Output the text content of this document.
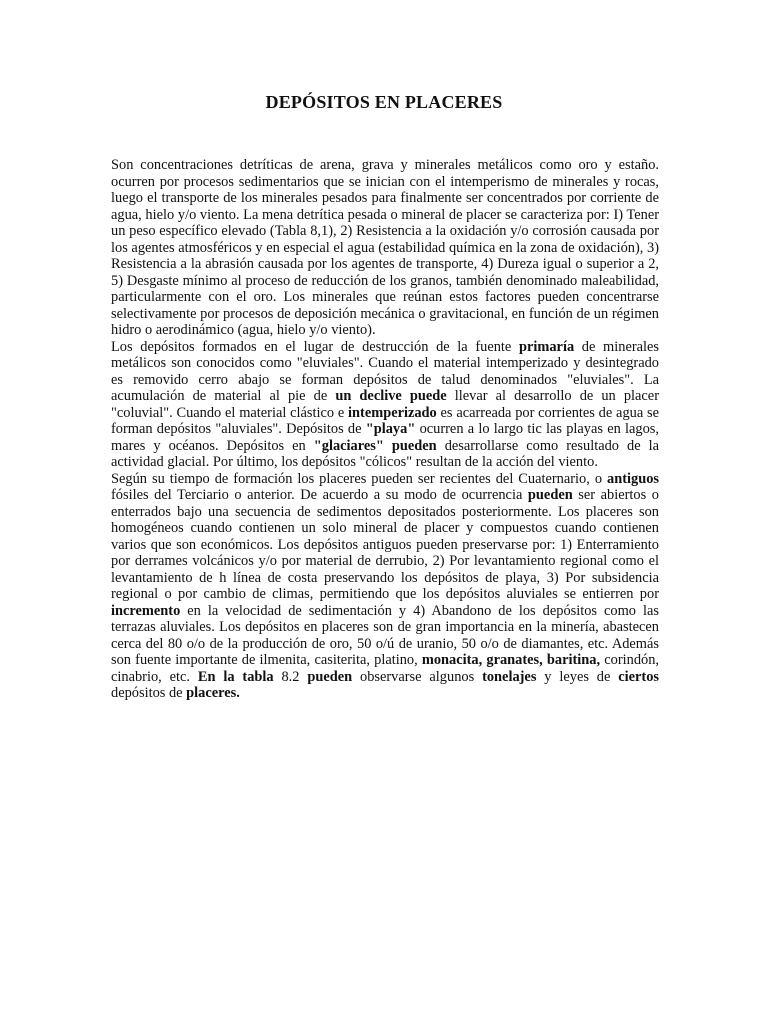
DEPÓSITOS EN PLACERES

Son concentraciones detríticas de arena, grava y minerales metálicos como oro y estaño. ocurren por procesos sedimentarios que se inician con el intemperismo de minerales y rocas, luego el transporte de los minerales pesados para finalmente ser concentrados por corriente de agua, hielo y/o viento. La mena detrítica pesada o mineral de placer se caracteriza por: I) Tener un peso específico elevado (Tabla 8,1), 2) Resistencia a la oxidación y/o corrosión causada por los agentes atmosféricos y en especial el agua (estabilidad química en la zona de oxidación), 3) Resistencia a la abrasión causada por los agentes de transporte, 4) Dureza igual o superior a 2, 5) Desgaste mínimo al proceso de reducción de los granos, también denominado maleabilidad, particularmente con el oro. Los minerales que reúnan estos factores pueden concentrarse selectivamente por procesos de deposición mecánica o gravitacional, en función de un régimen hidro o aerodinámico (agua, hielo y/o viento).

Los depósitos formados en el lugar de destrucción de la fuente primaría de minerales metálicos son conocidos como "eluviales". Cuando el material intemperizado y desintegrado es removido cerro abajo se forman depósitos de talud denominados "eluviales". La acumulación de material al pie de un declive puede llevar al desarrollo de un placer "coluvial". Cuando el material clástico e intemperizado es acarreada por corrientes de agua se forman depósitos "aluviales". Depósitos de "playa" ocurren a lo largo tic las playas en lagos, mares y océanos. Depósitos en "glaciares" pueden desarrollarse como resultado de la actividad glacial. Por último, los depósitos "cólicos" resultan de la acción del viento.

Según su tiempo de formación los placeres pueden ser recientes del Cuaternario, o antiguos fósiles del Terciario o anterior. De acuerdo a su modo de ocurrencia pueden ser abiertos o enterrados bajo una secuencia de sedimentos depositados posteriormente. Los placeres son homogéneos cuando contienen un solo mineral de placer y compuestos cuando contienen varios que son económicos. Los depósitos antiguos pueden preservarse por: 1) Enterramiento por derrames volcánicos y/o por material de derrubio, 2) Por levantamiento regional como el levantamiento de h línea de costa preservando los depósitos de playa, 3) Por subsidencia regional o por cambio de climas, permitiendo que los depósitos aluviales se entierren por incremento en la velocidad de sedimentación y 4) Abandono de los depósitos como las terrazas aluviales. Los depósitos en placeres son de gran importancia en la minería, abastecen cerca del 80 o/o de la producción de oro, 50 o/ú de uranio, 50 o/o de diamantes, etc. Además son fuente importante de ilmenita, casiterita, platino, monacita, granates, baritina, corindón, cinabrio, etc. En la tabla 8.2 pueden observarse algunos tonelajes y leyes de ciertos depósitos de placeres.
